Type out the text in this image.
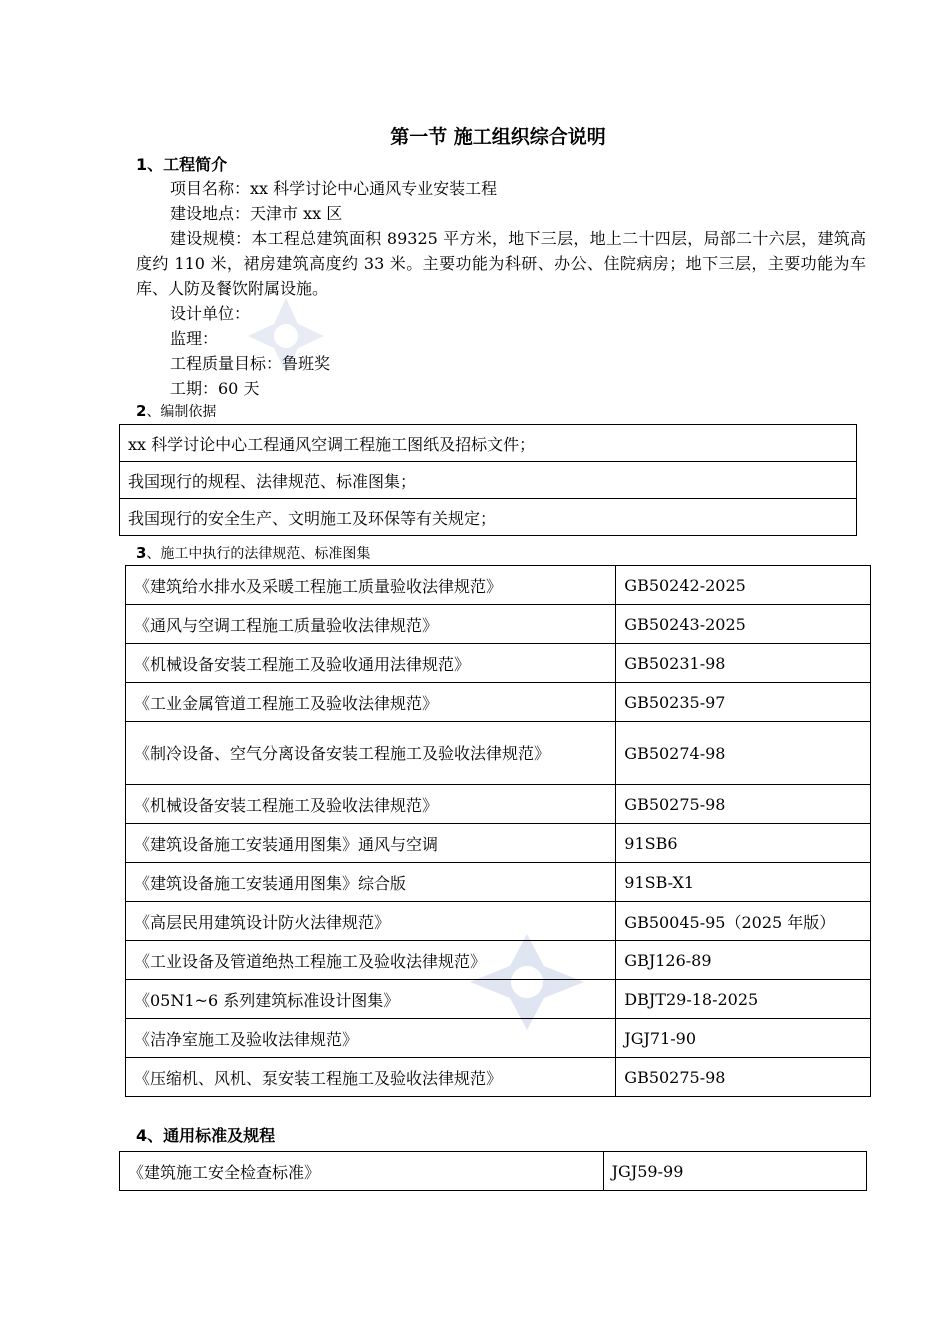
第一节 施工组织综合说明
1、工程简介
项目名称：xx 科学讨论中心通风专业安装工程
建设地点：天津市 xx 区
建设规模：本工程总建筑面积 89325 平方米，地下三层，地上二十四层，局部二十六层，建筑高度约 110 米，裙房建筑高度约 33 米。主要功能为科研、办公、住院病房；地下三层，主要功能为车库、人防及餐饮附属设施。
设计单位：
监理：
工程质量目标：鲁班奖
工期：60 天
2、编制依据
xx 科学讨论中心工程通风空调工程施工图纸及招标文件；
我国现行的规程、法律规范、标准图集；
我国现行的安全生产、文明施工及环保等有关规定；
3、施工中执行的法律规范、标准图集
《建筑给水排水及采暖工程施工质量验收法律规范》	GB50242-2025
《通风与空调工程施工质量验收法律规范》	GB50243-2025
《机械设备安装工程施工及验收通用法律规范》	GB50231-98
《工业金属管道工程施工及验收法律规范》	GB50235-97
《制冷设备、空气分离设备安装工程施工及验收法律规范》	GB50274-98
《机械设备安装工程施工及验收法律规范》	GB50275-98
《建筑设备施工安装通用图集》通风与空调	91SB6
《建筑设备施工安装通用图集》综合版	91SB-X1
《高层民用建筑设计防火法律规范》	GB50045-95（2025 年版）
《工业设备及管道绝热工程施工及验收法律规范》	GBJ126-89
《05N1~6 系列建筑标准设计图集》	DBJT29-18-2025
《洁净室施工及验收法律规范》	JGJ71-90
《压缩机、风机、泵安装工程施工及验收法律规范》	GB50275-98
4、通用标准及规程
《建筑施工安全检查标准》	JGJ59-99
